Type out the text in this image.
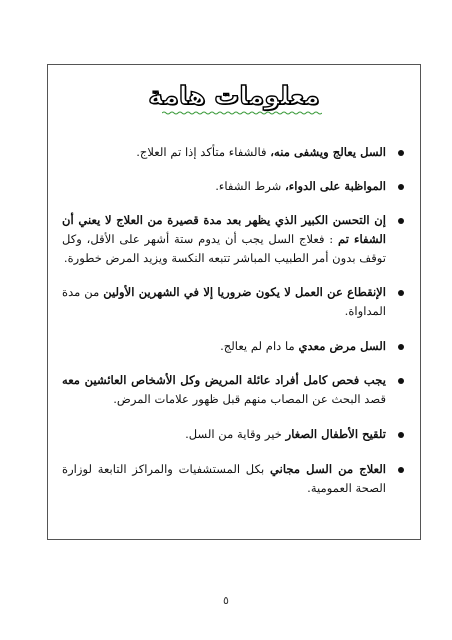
معلومات هامة
السل يعالج ويشفى منه، فالشفاء متأكد إذا تم العلاج.
المواظبة على الدواء، شرط الشفاء.
إن التحسن الكبير الذي يظهر بعد مدة قصيرة من العلاج لا يعني أن الشفاء تم : فعلاج السل يجب أن يدوم ستة أشهر على الأقل، وكل توقف بدون أمر الطبيب المباشر تتبعه النكسة ويزيد المرض خطورة.
الإنقطاع عن العمل لا يكون ضروريا إلا في الشهرين الأولين من مدة المداواة.
السل مرض معدي ما دام لم يعالج.
يجب فحص كامل أفراد عائلة المريض وكل الأشخاص العائشين معه قصد البحث عن المصاب منهم قبل ظهور علامات المرض.
تلقيح الأطفال الصغار خير وقاية من السل.
العلاج من السل مجاني بكل المستشفيات والمراكز التابعة لوزارة الصحة العمومية.
٥
